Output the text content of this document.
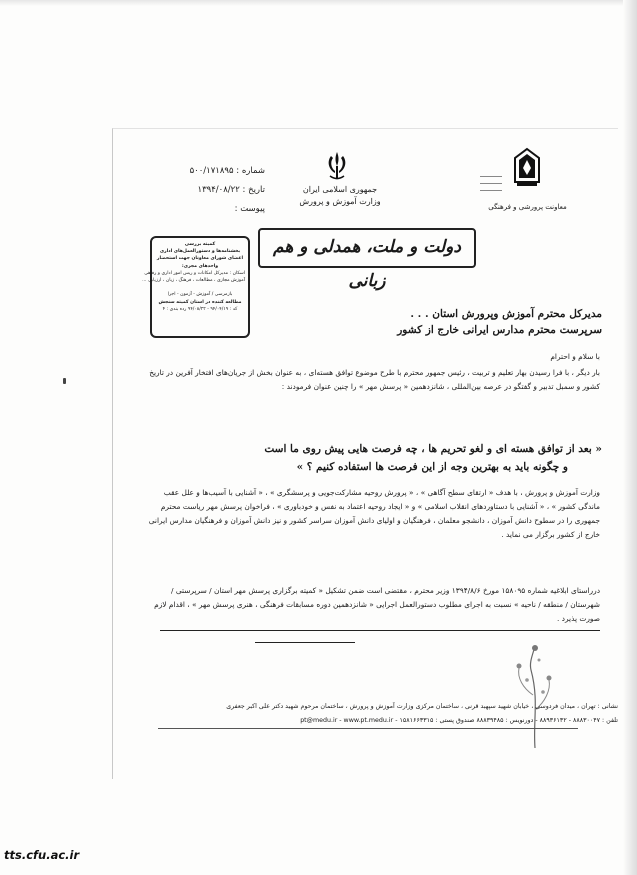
شماره : ۵۰۰/۱۷۱۸۹۵
تاریخ : ۱۳۹۴/۰۸/۲۲
پیوست :
جمهوری اسلامی ایران
وزارت آموزش و پرورش
معاونت پرورشی و فرهنگی
دولت و ملت، همدلی و هم زبانی
کمیته بررسی
بخشنامه‌ها و دستورالعمل‌های اداری
اعضای شورای معاونان جهت استحضار
واحدهای مجری:
اسکان : مدیرکل امکانات و ریس امور اداری و رفاهی
آموزش مجازی ، مطالعات ، فرهنگ ، زبان ، ارزیابی ...

بازمرسی / آموزش - آزمون - اجرا
مطالعه کننده در استان کمیته سنجش
کد : ۹۴/۰۴/۱۹ - ۹۴/۰۸/۲۲ رده بندی : ۴	مدیرکل محترم آموزش وپرورش استان . . .
سرپرست محترم مدارس ایرانی خارج از کشور
با سلام و احترام
بار دیگر ، با فرا رسیدن بهار تعلیم و تربیت ، رئیس جمهور محترم با طرح موضوع توافق هسته‌ای ، به عنوان بخش از جریان‌های افتخار آفرین در تاریخ کشور و سمبل تدبیر و گفتگو در عرصه بین‌المللی ، شانزدهمین « پرسش مهر » را چنین عنوان فرمودند :
« بعد از توافق هسته ای و لغو تحریم ها ، چه فرصت هایی پیش روی ما است
و چگونه باید به بهترین وجه از این فرصت ها استفاده کنیم ؟ »
وزارت آموزش و پرورش ، با هدف « ارتقای سطح آگاهی » ، « پرورش روحیه مشارکت‌جویی و پرسشگری » ، « آشنایی با آسیب‌ها و علل عقب ماندگی کشور » ، « آشنایی با دستاوردهای انقلاب اسلامی » و « ایجاد روحیه اعتماد به نفس و خودباوری » ، فراخوان پرسش مهر ریاست محترم جمهوری را در سطوح دانش آموزان ، دانشجو معلمان ، فرهنگیان و اولیای دانش آموزان سراسر کشور و نیز دانش آموزان و فرهنگیان مدارس ایرانی خارج از کشور برگزار می نماید .
درراستای ابلاغیه شماره ۱۵۸۰۹۵ مورخ ۱۳۹۴/۸/۶ وزیر محترم ، مقتضی است ضمن تشکیل « کمیته برگزاری پرسش مهر استان / سرپرستی / شهرستان / منطقه / ناحیه » نسبت به اجرای مطلوب دستورالعمل اجرایی « شانزدهمین دوره مسابقات فرهنگی ، هنری پرسش مهر » ، اقدام لازم صورت پذیرد .
نشانی : تهران ، میدان فردوسی ، خیابان شهید سپهبد قرنی ، ساختمان مرکزی وزارت آموزش و پرورش ، ساختمان مرحوم شهید دکتر علی اکبر جعفری
تلفن : ۸۸۸۳۰۰۴۷ - ۸۸۹۳۶۱۳۲ - دورنویس : ۸۸۸۳۹۴۸۵ صندوق پستی : ۱۵۸۱۶۶۳۳۱۵ - pt@medu.ir - www.pt.medu.ir
tts.cfu.ac.ir
